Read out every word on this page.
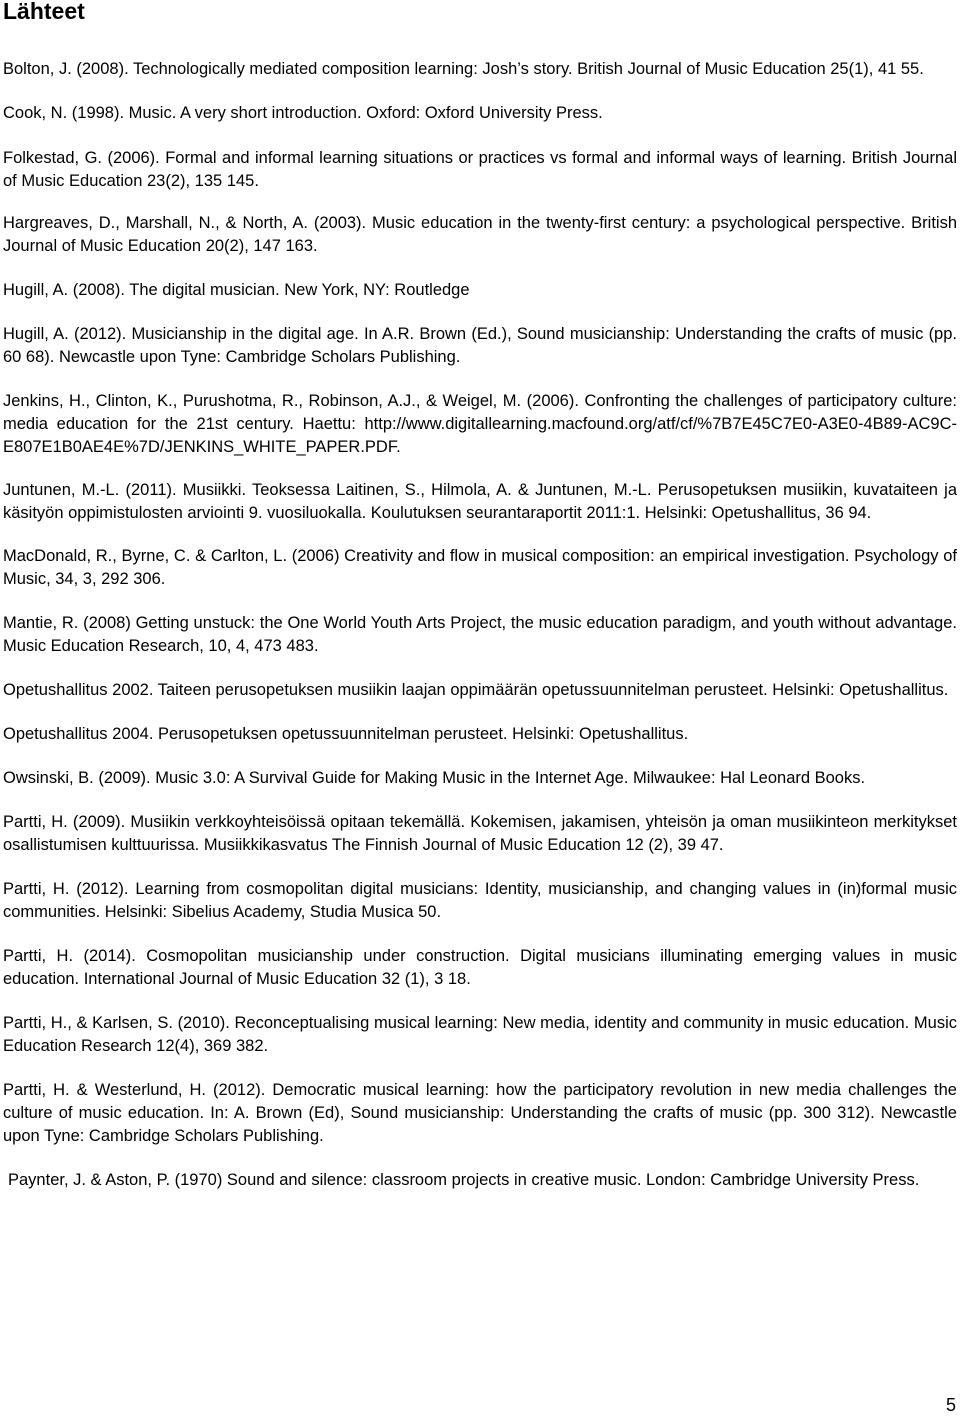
Lähteet

Bolton, J. (2008). Technologically mediated composition learning: Josh’s story. British Journal of Music Education 25(1), 41 55.

Cook, N. (1998). Music. A very short introduction. Oxford: Oxford University Press.

Folkestad, G. (2006). Formal and informal learning situations or practices vs formal and informal ways of learning. British Journal of Music Education 23(2), 135 145.

Hargreaves, D., Marshall, N., & North, A. (2003). Music education in the twenty-first century: a psychological perspective. British Journal of Music Education 20(2), 147 163.

Hugill, A. (2008). The digital musician. New York, NY: Routledge

Hugill, A. (2012). Musicianship in the digital age. In A.R. Brown (Ed.), Sound musicianship: Understanding the crafts of music (pp. 60 68). Newcastle upon Tyne: Cambridge Scholars Publishing.

Jenkins, H., Clinton, K., Purushotma, R., Robinson, A.J., & Weigel, M. (2006). Confronting the challenges of participatory culture: media education for the 21st century. Haettu: http://www.digitallearning.macfound.org/atf/cf/%7B7E45C7E0-A3E0-4B89-AC9C-E807E1B0AE4E%7D/JENKINS_WHITE_PAPER.PDF.

Juntunen, M.-L. (2011). Musiikki. Teoksessa Laitinen, S., Hilmola, A. & Juntunen, M.-L. Perusopetuksen musiikin, kuvataiteen ja käsityön oppimistulosten arviointi 9. vuosiluokalla. Koulutuksen seurantaraportit 2011:1. Helsinki: Opetushallitus, 36 94.

MacDonald, R., Byrne, C. & Carlton, L. (2006) Creativity and flow in musical composition: an empirical investigation. Psychology of Music, 34, 3, 292 306.

Mantie, R. (2008) Getting unstuck: the One World Youth Arts Project, the music education paradigm, and youth without advantage. Music Education Research, 10, 4, 473 483.

Opetushallitus 2002. Taiteen perusopetuksen musiikin laajan oppimäärän opetussuunnitelman perusteet. Helsinki: Opetushallitus.

Opetushallitus 2004. Perusopetuksen opetussuunnitelman perusteet. Helsinki: Opetushallitus.

Owsinski, B. (2009). Music 3.0: A Survival Guide for Making Music in the Internet Age. Milwaukee: Hal Leonard Books.

Partti, H. (2009). Musiikin verkkoyhteisöissä opitaan tekemällä. Kokemisen, jakamisen, yhteisön ja oman musiikinteon merkitykset osallistumisen kulttuurissa. Musiikkikasvatus The Finnish Journal of Music Education 12 (2), 39 47.

Partti, H. (2012). Learning from cosmopolitan digital musicians: Identity, musicianship, and changing values in (in)formal music communities. Helsinki: Sibelius Academy, Studia Musica 50.

Partti, H. (2014). Cosmopolitan musicianship under construction. Digital musicians illuminating emerging values in music education. International Journal of Music Education 32 (1), 3 18.

Partti, H., & Karlsen, S. (2010). Reconceptualising musical learning: New media, identity and community in music education. Music Education Research 12(4), 369 382.

Partti, H. & Westerlund, H. (2012). Democratic musical learning: how the participatory revolution in new media challenges the culture of music education. In: A. Brown (Ed), Sound musicianship: Understanding the crafts of music (pp. 300 312). Newcastle upon Tyne: Cambridge Scholars Publishing.

Paynter, J. & Aston, P. (1970) Sound and silence: classroom projects in creative music. London: Cambridge University Press.

5
